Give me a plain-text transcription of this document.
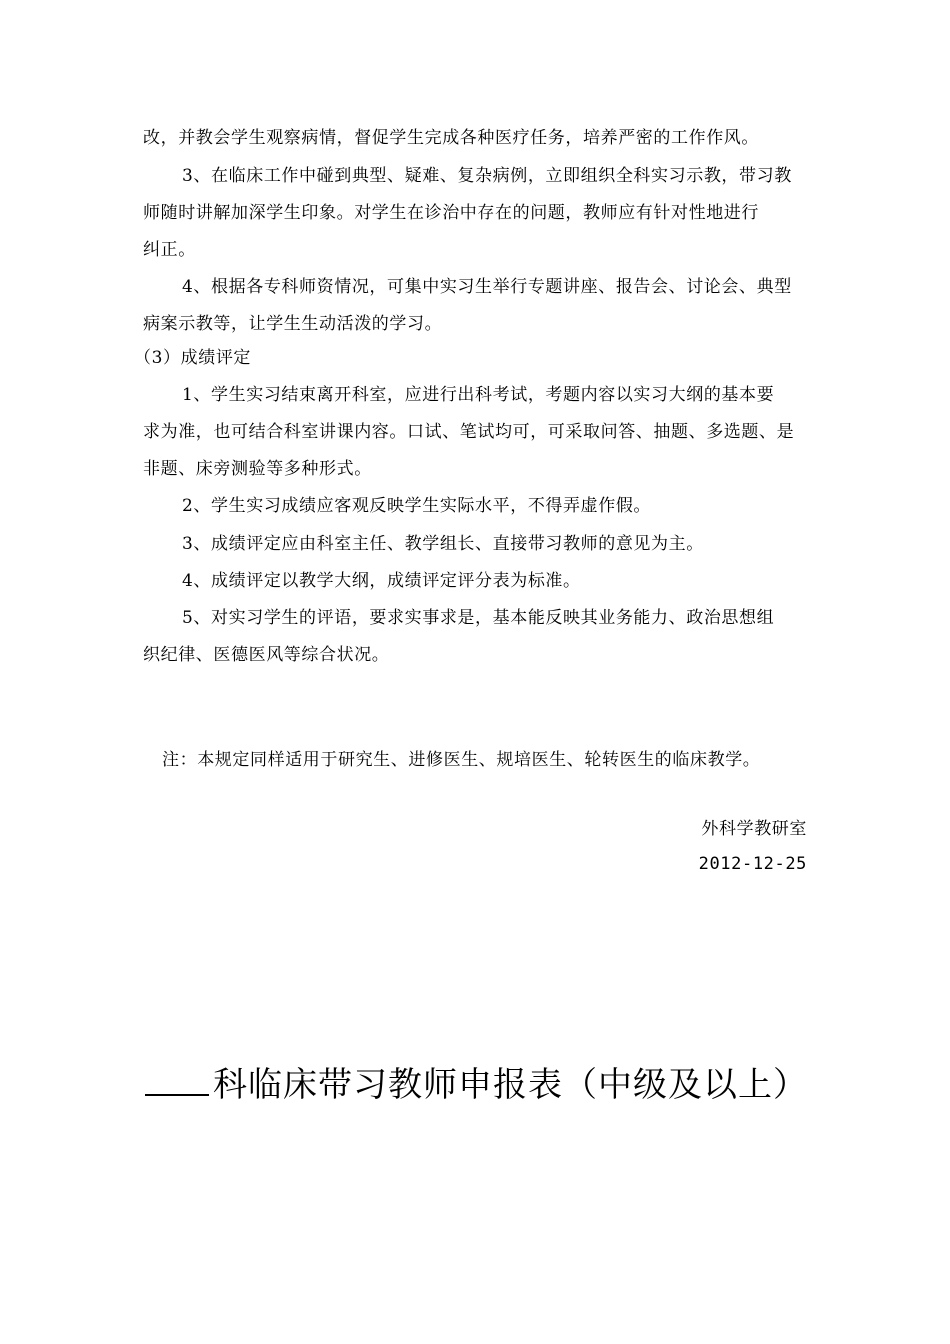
改，并教会学生观察病情，督促学生完成各种医疗任务，培养严密的工作作风。
3、在临床工作中碰到典型、疑难、复杂病例，立即组织全科实习示教，带习教
师随时讲解加深学生印象。对学生在诊治中存在的问题，教师应有针对性地进行
纠正。
4、根据各专科师资情况，可集中实习生举行专题讲座、报告会、讨论会、典型
病案示教等，让学生生动活泼的学习。
（3）成绩评定
1、学生实习结束离开科室，应进行出科考试，考题内容以实习大纲的基本要
求为准，也可结合科室讲课内容。口试、笔试均可，可采取问答、抽题、多选题、是
非题、床旁测验等多种形式。
2、学生实习成绩应客观反映学生实际水平，不得弄虚作假。
3、成绩评定应由科室主任、教学组长、直接带习教师的意见为主。
4、成绩评定以教学大纲，成绩评定评分表为标准。
5、对实习学生的评语，要求实事求是，基本能反映其业务能力、政治思想组
织纪律、医德医风等综合状况。
注：本规定同样适用于研究生、进修医生、规培医生、轮转医生的临床教学。
外科学教研室
2012-12-25
科临床带习教师申报表（中级及以上）
